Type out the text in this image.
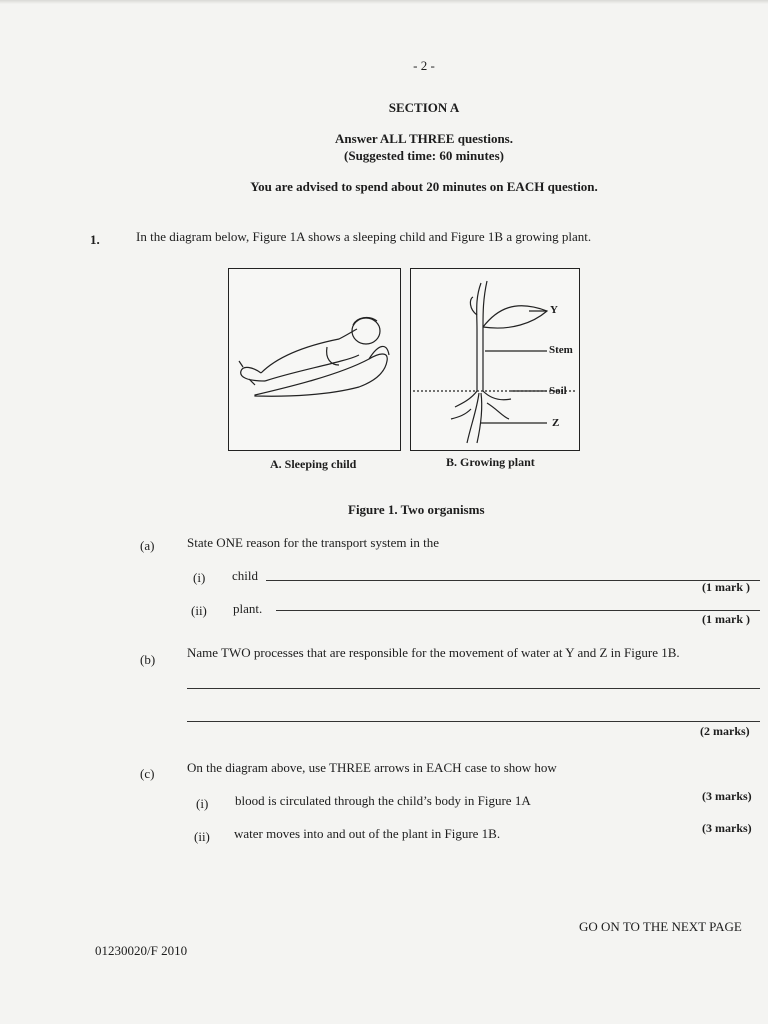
- 2 -
SECTION A
Answer ALL THREE questions.
(Suggested time: 60 minutes)
You are advised to spend about 20 minutes on EACH question.
1.	In the diagram below, Figure 1A shows a sleeping child and Figure 1B a growing plant.
Y
Stem
Soil
Z
A. Sleeping child	B. Growing plant
Figure 1. Two organisms
(a)	State ONE reason for the transport system in the
(i) child
(1 mark )
(ii) plant.
(1 mark )
(b) Name TWO processes that are responsible for the movement of water at Y and Z in Figure 1B.
(2 marks)
(c)	On the diagram above, use THREE arrows in EACH case to show how
(i) blood is circulated through the child’s body in Figure 1A	(3 marks)
(ii) water moves into and out of the plant in Figure 1B.	(3 marks)
GO ON TO THE NEXT PAGE
01230020/F 2010
